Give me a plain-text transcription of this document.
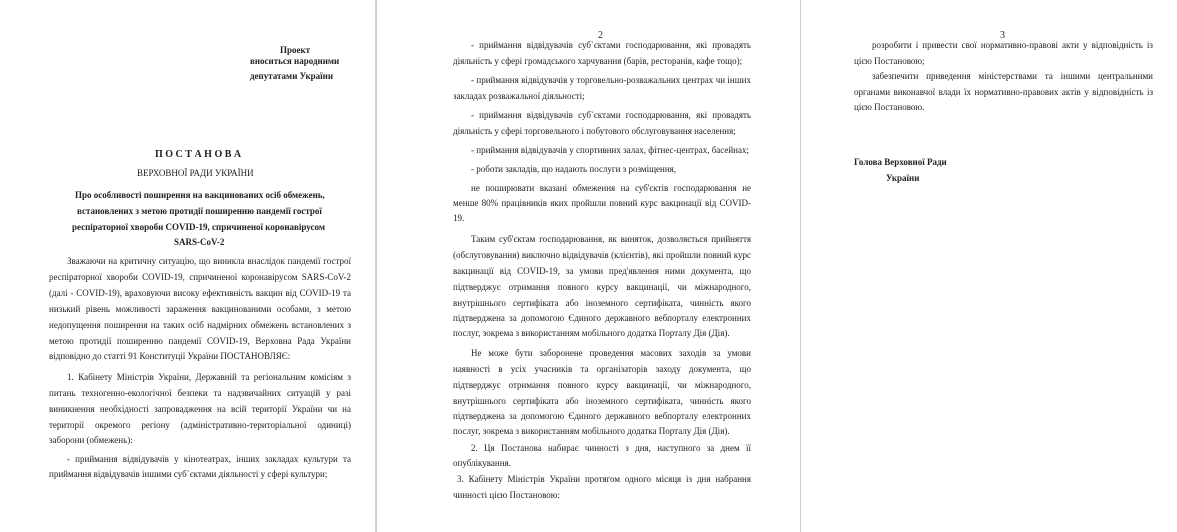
Проект

вноситься народними

депутатами України

П О С Т А Н О В А

ВЕРХОВНОЇ РАДИ УКРАЇНИ

Про особливості поширення на вакцинованих осіб обмежень,

встановлених з метою протидії поширенню пандемії гострої

респіраторної хвороби COVID-19, спричиненої коронавірусом

SARS-CoV-2

Зважаючи на критичну ситуацію, що виникла внаслідок пандемії гострої

респіраторної хвороби COVID-19, спричиненої коронавірусом SARS-CoV-2

(далі - COVID-19), враховуючи високу ефективність вакцин від COVID-19 та

низький рівень можливості зараження вакцинованими особами, з метою

недопущення поширення на таких осіб надмірних обмежень встановлених з

метою протидії поширенню пандемії COVID-19, Верховна Рада України

відповідно до статті 91 Конституції України ПОСТАНОВЛЯЄ:

1. Кабінету Міністрів України, Державній та регіональним комісіям з

питань техногенно-екологічної безпеки та надзвичайних ситуацій у разі

виникнення необхідності запровадження на всій території України чи на

території окремого регіону (адміністративно-територіальної одиниці)

заборони (обмежень):

- приймання відвідувачів у кінотеатрах, інших закладах культури та

приймання відвідувачів іншими суб`єктами діяльності у сфері культури;

2

- приймання відвідувачів суб`єктами господарювання, які провадять

діяльність у сфері громадського харчування (барів, ресторанів, кафе тощо);

- приймання відвідувачів у торговельно-розважальних центрах чи інших

закладах розважальної діяльності;

- приймання відвідувачів суб`єктами господарювання, які провадять

діяльність у сфері торговельного і побутового обслуговування населення;

- приймання відвідувачів у спортивних залах, фітнес-центрах, басейнах;

- роботи закладів, що надають послуги з розміщення,

не поширювати вказані обмеження на суб'єктів господарювання не

менше 80% працівників яких пройшли повний курс вакцинації від COVID-

19.

Таким суб'єктам господарювання, як виняток, дозволяється прийняття

(обслуговування) виключно відвідувачів (клієнтів), які пройшли повний курс

вакцинації від COVID-19, за умови пред'явлення ними документа, що

підтверджує отримання повного курсу вакцинації, чи міжнародного,

внутрішнього сертифіката або іноземного сертифіката, чинність якого

підтверджена за допомогою Єдиного державного вебпорталу електронних

послуг, зокрема з використанням мобільного додатка Порталу Дія (Дія).

Не може бути заборонене проведення масових заходів за умови

наявності в усіх учасників та організаторів заходу документа, що

підтверджує отримання повного курсу вакцинації, чи міжнародного,

внутрішнього сертифіката або іноземного сертифіката, чинність якого

підтверджена за допомогою Єдиного державного вебпорталу електронних

послуг, зокрема з використанням мобільного додатка Порталу Дія (Дія).

2. Ця Постанова набирає чинності з дня, наступного за днем її

опублікування.

3. Кабінету Міністрів України протягом одного місяця із дня набрання

чинності цією Постановою:

3

розробити і привести свої нормативно-правові акти у відповідність із

цією Постановою;

забезпечити приведення міністерствами та іншими центральними

органами виконавчої влади їх нормативно-правових актів у відповідність із

цією Постановою.

Голова Верховної Ради

України
